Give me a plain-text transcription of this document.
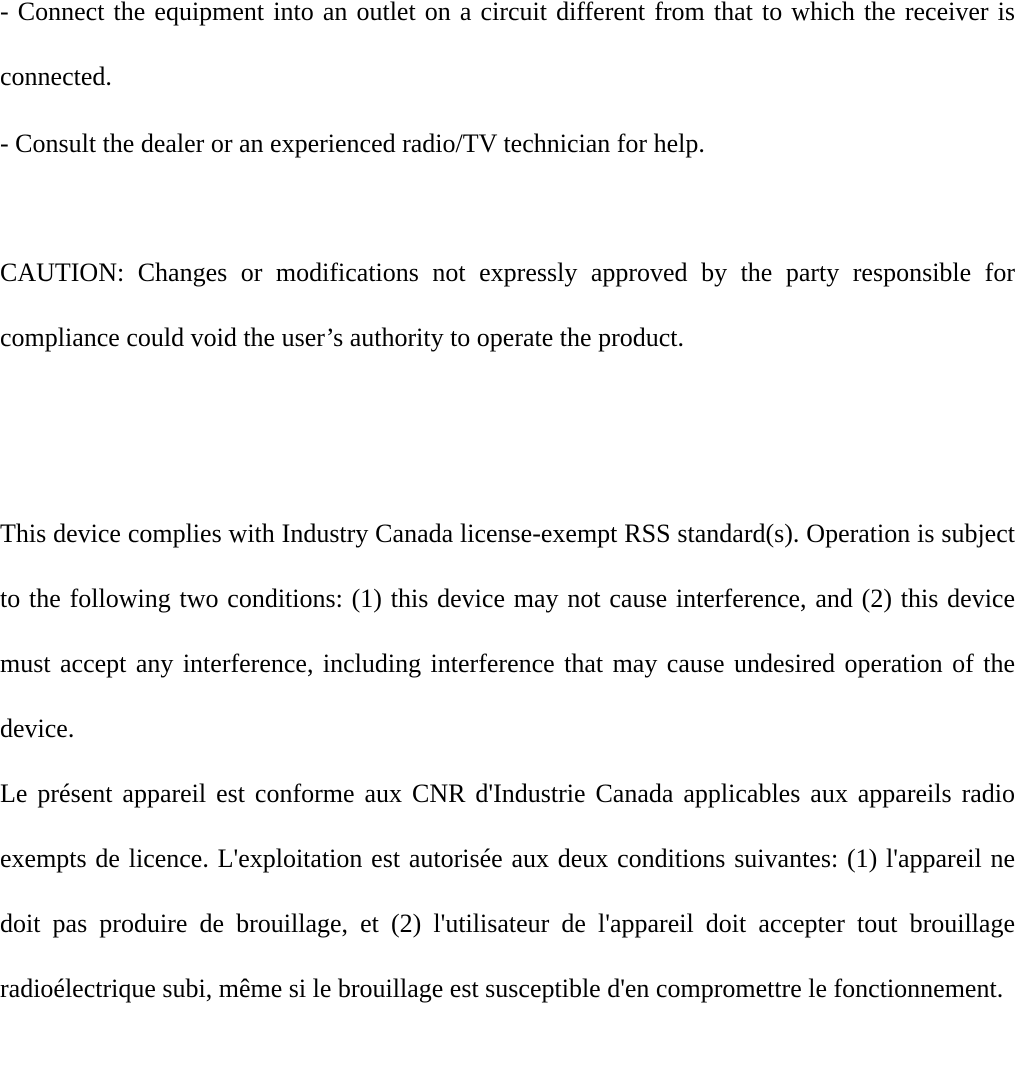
- Connect the equipment into an outlet on a circuit different from that to which the receiver is connected.

- Consult the dealer or an experienced radio/TV technician for help.

CAUTION: Changes or modifications not expressly approved by the party responsible for compliance could void the user’s authority to operate the product.

This device complies with Industry Canada license-exempt RSS standard(s). Operation is subject to the following two conditions: (1) this device may not cause interference, and (2) this device must accept any interference, including interference that may cause undesired operation of the device.

Le présent appareil est conforme aux CNR d'Industrie Canada applicables aux appareils radio exempts de licence. L'exploitation est autorisée aux deux conditions suivantes: (1) l'appareil ne doit pas produire de brouillage, et (2) l'utilisateur de l'appareil doit accepter tout brouillage radioélectrique subi, même si le brouillage est susceptible d'en compromettre le fonctionnement.
